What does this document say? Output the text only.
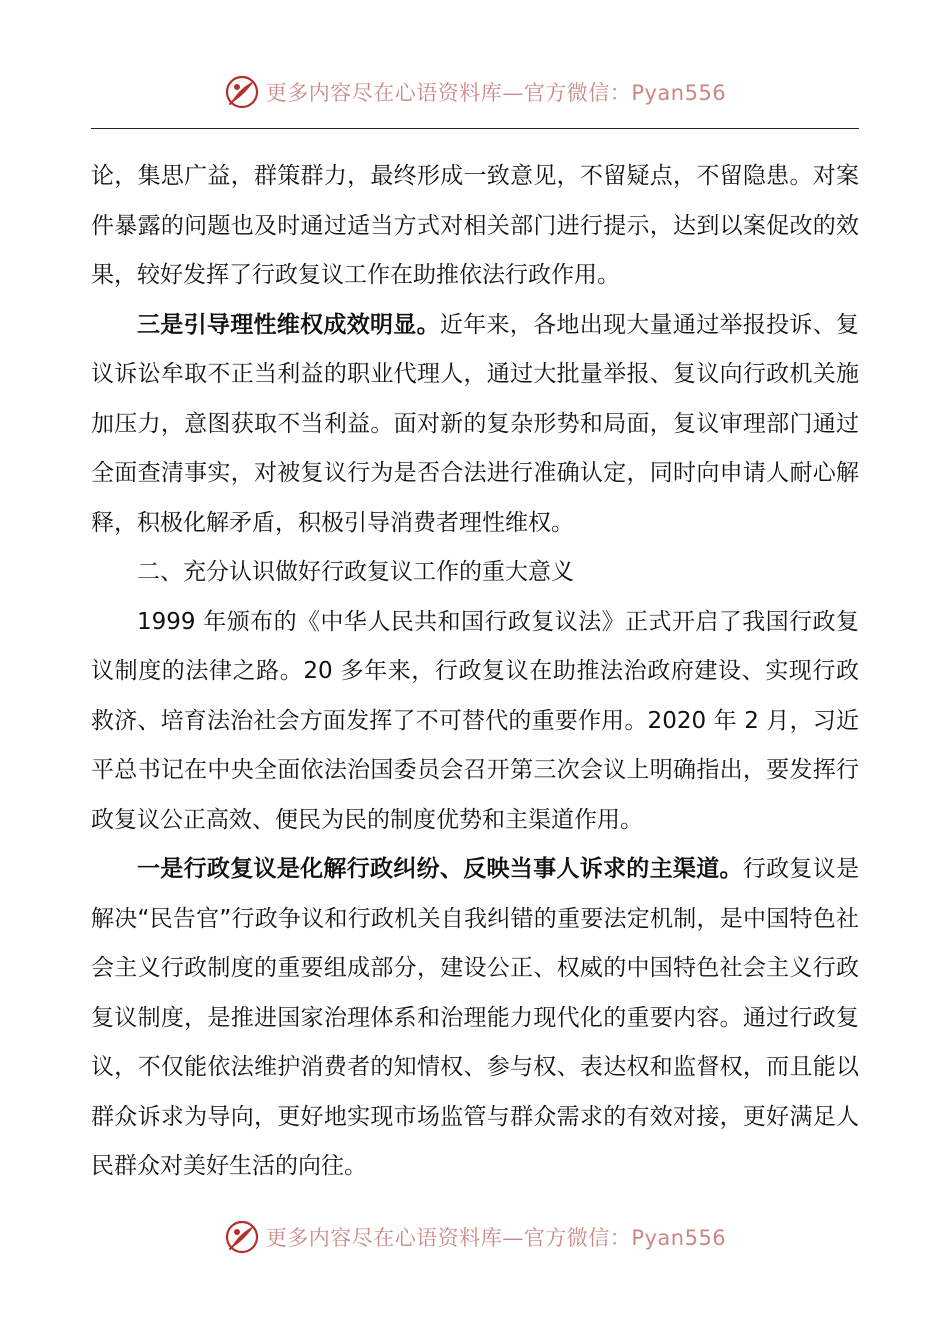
更多内容尽在心语资料库—官方微信：Pyan556

论，集思广益，群策群力，最终形成一致意见，不留疑点，不留隐患。对案件暴露的问题也及时通过适当方式对相关部门进行提示，达到以案促改的效果，较好发挥了行政复议工作在助推依法行政作用。

三是引导理性维权成效明显。近年来，各地出现大量通过举报投诉、复议诉讼牟取不正当利益的职业代理人，通过大批量举报、复议向行政机关施加压力，意图获取不当利益。面对新的复杂形势和局面，复议审理部门通过全面查清事实，对被复议行为是否合法进行准确认定，同时向申请人耐心解释，积极化解矛盾，积极引导消费者理性维权。

二、充分认识做好行政复议工作的重大意义

1999 年颁布的《中华人民共和国行政复议法》正式开启了我国行政复议制度的法律之路。20 多年来，行政复议在助推法治政府建设、实现行政救济、培育法治社会方面发挥了不可替代的重要作用。2020 年 2 月，习近平总书记在中央全面依法治国委员会召开第三次会议上明确指出，要发挥行政复议公正高效、便民为民的制度优势和主渠道作用。

一是行政复议是化解行政纠纷、反映当事人诉求的主渠道。行政复议是解决“民告官”行政争议和行政机关自我纠错的重要法定机制，是中国特色社会主义行政制度的重要组成部分，建设公正、权威的中国特色社会主义行政复议制度，是推进国家治理体系和治理能力现代化的重要内容。通过行政复议，不仅能依法维护消费者的知情权、参与权、表达权和监督权，而且能以群众诉求为导向，更好地实现市场监管与群众需求的有效对接，更好满足人民群众对美好生活的向往。

更多内容尽在心语资料库—官方微信：Pyan556
